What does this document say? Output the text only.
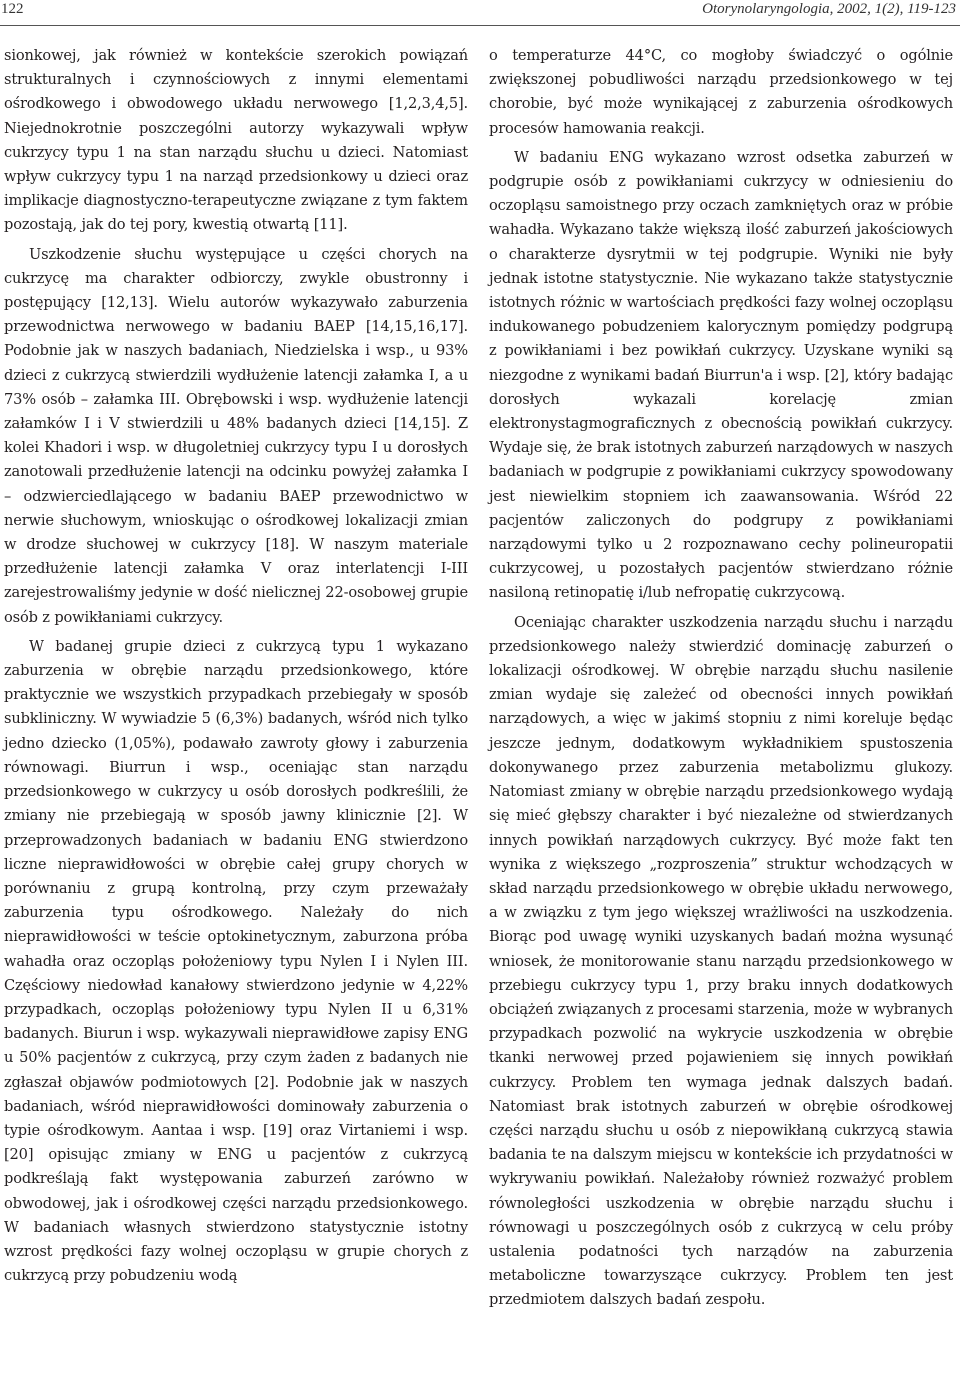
122	Otorynolaryngologia, 2002, 1(2), 119-123

sionkowej, jak również w kontekście szerokich powiązań strukturalnych i czynnościowych z innymi elementami ośrodkowego i obwodowego układu nerwowego [1,2,3,4,5]. Niejednokrotnie poszczególni autorzy wykazywali wpływ cukrzycy typu 1 na stan narządu słuchu u dzieci. Natomiast wpływ cukrzycy typu 1 na narząd przedsionkowy u dzieci oraz implikacje diagnostyczno-terapeutyczne związane z tym faktem pozostają, jak do tej pory, kwestią otwartą [11].

Uszkodzenie słuchu występujące u części chorych na cukrzycę ma charakter odbiorczy, zwykle obustronny i postępujący [12,13]. Wielu autorów wykazywało zaburzenia przewodnictwa nerwowego w badaniu BAEP [14,15,16,17]. Podobnie jak w naszych badaniach, Niedzielska i wsp., u 93% dzieci z cukrzycą stwierdzili wydłużenie latencji załamka I, a u 73% osób – załamka III. Obrębowski i wsp. wydłużenie latencji załamków I i V stwierdzili u 48% badanych dzieci [14,15]. Z kolei Khadori i wsp. w długoletniej cukrzycy typu I u dorosłych zanotowali przedłużenie latencji na odcinku powyżej załamka I – odzwierciedlającego w badaniu BAEP przewodnictwo w nerwie słuchowym, wnioskując o ośrodkowej lokalizacji zmian w drodze słuchowej w cukrzycy [18]. W naszym materiale przedłużenie latencji załamka V oraz interlatencji I-III zarejestrowaliśmy jedynie w dość nielicznej 22-osobowej grupie osób z powikłaniami cukrzycy.

W badanej grupie dzieci z cukrzycą typu 1 wykazano zaburzenia w obrębie narządu przedsionkowego, które praktycznie we wszystkich przypadkach przebiegały w sposób subkliniczny. W wywiadzie 5 (6,3%) badanych, wśród nich tylko jedno dziecko (1,05%), podawało zawroty głowy i zaburzenia równowagi. Biurrun i wsp., oceniając stan narządu przedsionkowego w cukrzycy u osób dorosłych podkreślili, że zmiany nie przebiegają w sposób jawny klinicznie [2]. W przeprowadzonych badaniach w badaniu ENG stwierdzono liczne nieprawidłowości w obrębie całej grupy chorych w porównaniu z grupą kontrolną, przy czym przeważały zaburzenia typu ośrodkowego. Należały do nich nieprawidłowości w teście optokinetycznym, zaburzona próba wahadła oraz oczopląs położeniowy typu Nylen I i Nylen III. Częściowy niedowład kanałowy stwierdzono jedynie w 4,22% przypadkach, oczopląs położeniowy typu Nylen II u 6,31% badanych. Biurun i wsp. wykazywali nieprawidłowe zapisy ENG u 50% pacjentów z cukrzycą, przy czym żaden z badanych nie zgłaszał objawów podmiotowych [2]. Podobnie jak w naszych badaniach, wśród nieprawidłowości dominowały zaburzenia o typie ośrodkowym. Aantaa i wsp. [19] oraz Virtaniemi i wsp. [20] opisując zmiany w ENG u pacjentów z cukrzycą podkreślają fakt występowania zaburzeń zarówno w obwodowej, jak i ośrodkowej części narządu przedsionkowego. W badaniach własnych stwierdzono statystycznie istotny wzrost prędkości fazy wolnej oczopląsu w grupie chorych z cukrzycą przy pobudzeniu wodą

o temperaturze 44°C, co mogłoby świadczyć o ogólnie zwiększonej pobudliwości narządu przedsionkowego w tej chorobie, być może wynikającej z zaburzenia ośrodkowych procesów hamowania reakcji.

W badaniu ENG wykazano wzrost odsetka zaburzeń w podgrupie osób z powikłaniami cukrzycy w odniesieniu do oczopląsu samoistnego przy oczach zamkniętych oraz w próbie wahadła. Wykazano także większą ilość zaburzeń jakościowych o charakterze dysrytmii w tej podgrupie. Wyniki nie były jednak istotne statystycznie. Nie wykazano także statystycznie istotnych różnic w wartościach prędkości fazy wolnej oczopląsu indukowanego pobudzeniem kalorycznym pomiędzy podgrupą z powikłaniami i bez powikłań cukrzycy. Uzyskane wyniki są niezgodne z wynikami badań Biurrun'a i wsp. [2], który badając dorosłych wykazali korelację zmian elektronystagmograficznych z obecnością powikłań cukrzycy. Wydaje się, że brak istotnych zaburzeń narządowych w naszych badaniach w podgrupie z powikłaniami cukrzycy spowodowany jest niewielkim stopniem ich zaawansowania. Wśród 22 pacjentów zaliczonych do podgrupy z powikłaniami narządowymi tylko u 2 rozpoznawano cechy polineuropatii cukrzycowej, u pozostałych pacjentów stwierdzano różnie nasiloną retinopatię i/lub nefropatię cukrzycową.

Oceniając charakter uszkodzenia narządu słuchu i narządu przedsionkowego należy stwierdzić dominację zaburzeń o lokalizacji ośrodkowej. W obrębie narządu słuchu nasilenie zmian wydaje się zależeć od obecności innych powikłań narządowych, a więc w jakimś stopniu z nimi koreluje będąc jeszcze jednym, dodatkowym wykładnikiem spustoszenia dokonywanego przez zaburzenia metabolizmu glukozy. Natomiast zmiany w obrębie narządu przedsionkowego wydają się mieć głębszy charakter i być niezależne od stwierdzanych innych powikłań narządowych cukrzycy. Być może fakt ten wynika z większego „rozproszenia” struktur wchodzących w skład narządu przedsionkowego w obrębie układu nerwowego, a w związku z tym jego większej wrażliwości na uszkodzenia. Biorąc pod uwagę wyniki uzyskanych badań można wysunąć wniosek, że monitorowanie stanu narządu przedsionkowego w przebiegu cukrzycy typu 1, przy braku innych dodatkowych obciążeń związanych z procesami starzenia, może w wybranych przypadkach pozwolić na wykrycie uszkodzenia w obrębie tkanki nerwowej przed pojawieniem się innych powikłań cukrzycy. Problem ten wymaga jednak dalszych badań. Natomiast brak istotnych zaburzeń w obrębie ośrodkowej części narządu słuchu u osób z niepowikłaną cukrzycą stawia badania te na dalszym miejscu w kontekście ich przydatności w wykrywaniu powikłań. Należałoby również rozważyć problem równoległości uszkodzenia w obrębie narządu słuchu i równowagi u poszczególnych osób z cukrzycą w celu próby ustalenia podatności tych narządów na zaburzenia metaboliczne towarzyszące cukrzycy. Problem ten jest przedmiotem dalszych badań zespołu.
